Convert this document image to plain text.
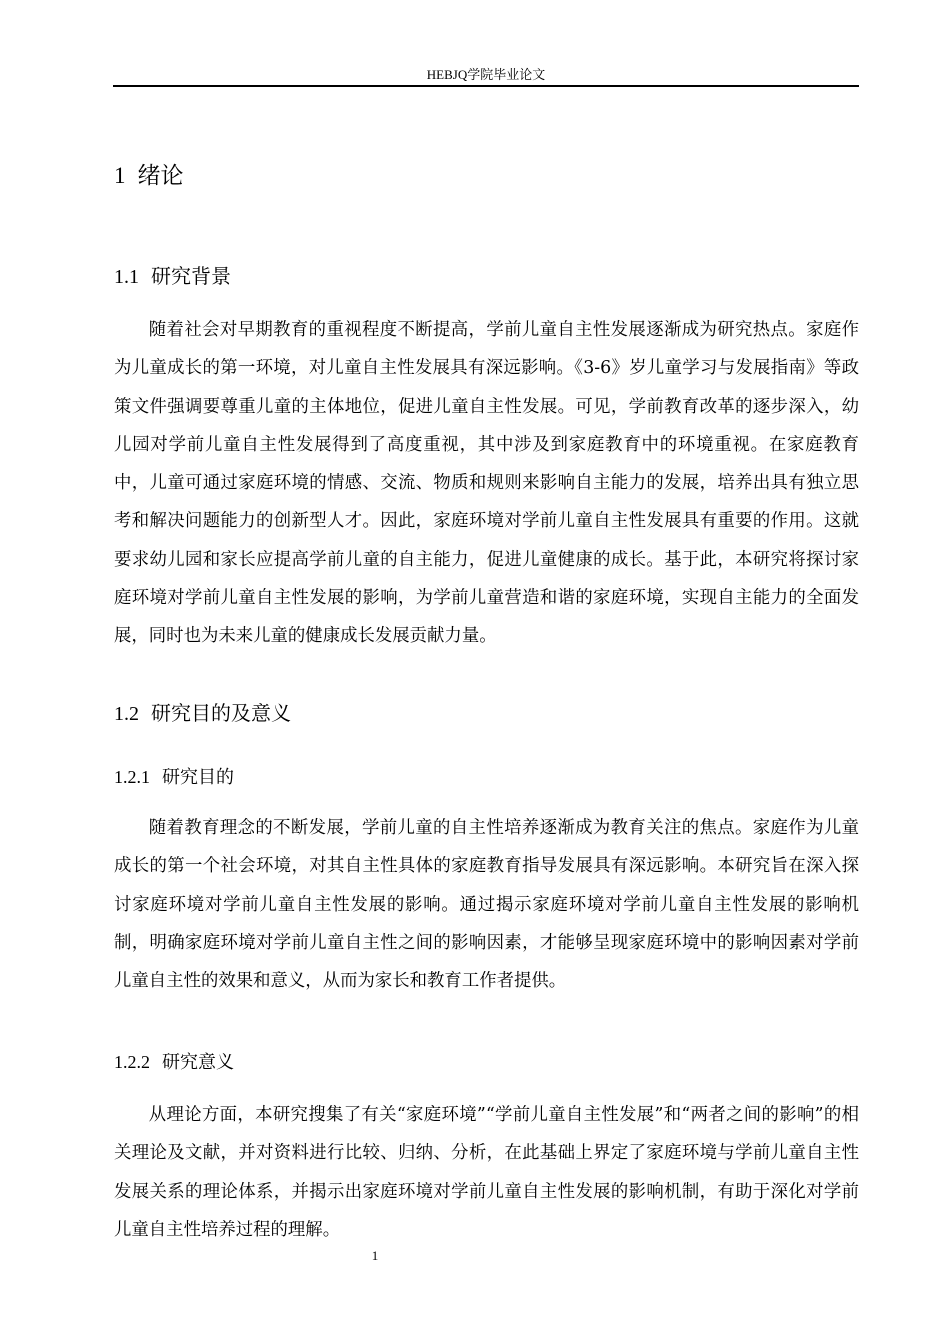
HEBJQ学院毕业论文
1 绪论
1.1 研究背景

随着社会对早期教育的重视程度不断提高，学前儿童自主性发展逐渐成为研究热点。家庭作为儿童成长的第一环境，对儿童自主性发展具有深远影响。《3-6》岁儿童学习与发展指南》等政策文件强调要尊重儿童的主体地位，促进儿童自主性发展。可见，学前教育改革的逐步深入，幼儿园对学前儿童自主性发展得到了高度重视，其中涉及到家庭教育中的环境重视。在家庭教育中，儿童可通过家庭环境的情感、交流、物质和规则来影响自主能力的发展，培养出具有独立思考和解决问题能力的创新型人才。因此，家庭环境对学前儿童自主性发展具有重要的作用。这就要求幼儿园和家长应提高学前儿童的自主能力，促进儿童健康的成长。基于此，本研究将探讨家庭环境对学前儿童自主性发展的影响，为学前儿童营造和谐的家庭环境，实现自主能力的全面发展，同时也为未来儿童的健康成长发展贡献力量。

1.2 研究目的及意义
1.2.1 研究目的

随着教育理念的不断发展，学前儿童的自主性培养逐渐成为教育关注的焦点。家庭作为儿童成长的第一个社会环境，对其自主性具体的家庭教育指导发展具有深远影响。本研究旨在深入探讨家庭环境对学前儿童自主性发展的影响。通过揭示家庭环境对学前儿童自主性发展的影响机制，明确家庭环境对学前儿童自主性之间的影响因素，才能够呈现家庭环境中的影响因素对学前儿童自主性的效果和意义，从而为家长和教育工作者提供。

1.2.2 研究意义

从理论方面，本研究搜集了有关“家庭环境”“学前儿童自主性发展”和“两者之间的影响”的相关理论及文献，并对资料进行比较、归纳、分析，在此基础上界定了家庭环境与学前儿童自主性发展关系的理论体系，并揭示出家庭环境对学前儿童自主性发展的影响机制，有助于深化对学前儿童自主性培养过程的理解。

1
